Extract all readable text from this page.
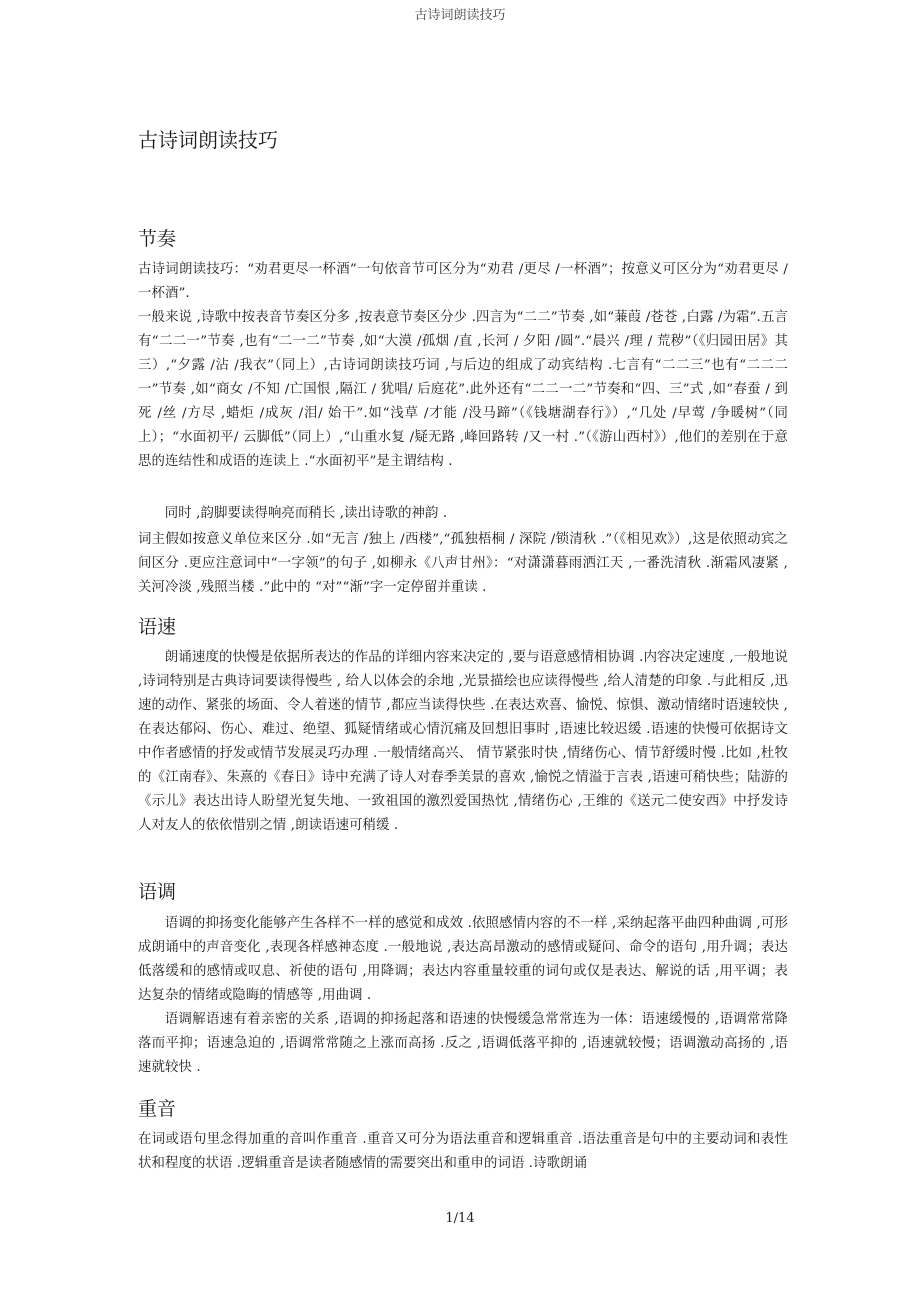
古诗词朗读技巧
古诗词朗读技巧
节奏

古诗词朗读技巧：“劝君更尽一杯酒”一句依音节可区分为“劝君 /更尽 /一杯酒”；按意义可区分为“劝君更尽 /一杯酒”.

一般来说 ,诗歌中按表音节奏区分多 ,按表意节奏区分少 .四言为“二二”节奏 ,如“蒹葭 /苍苍 ,白露 /为霜”.五言有“二二一”节奏 ,也有“二一二”节奏 ,如“大漠 /孤烟 /直 ,长河 / 夕阳 /圆”.“晨兴 /理 / 荒秽”（《归园田居》其三）,“夕露 /沾 /我衣”（同上）,古诗词朗读技巧词 ,与后边的组成了动宾结构 .七言有“二二三”也有“二二二一”节奏 ,如“商女 /不知 /亡国恨 ,隔江 / 犹唱/ 后庭花”.此外还有“二二一二”节奏和“四、三”式 ,如“春蚕 / 到死 /丝 /方尽 ,蜡炬 /成灰 /泪/ 始干”.如“浅草 /才能 /没马蹄”（《钱塘湖春行》）,“几处 /早莺 /争暖树”（同上）；“水面初平/ 云脚低”（同上）,“山重水复 /疑无路 ,峰回路转 /又一村 .”（《游山西村》）,他们的差别在于意思的连结性和成语的连读上 .“水面初平”是主谓结构 .

同时 ,韵脚要读得响亮而稍长 ,读出诗歌的神韵 .

词主假如按意义单位来区分 .如“无言 /独上 /西楼”,“孤独梧桐 / 深院 /锁清秋 .”（《相见欢》）,这是依照动宾之间区分 .更应注意词中“一字领”的句子 ,如柳永《八声甘州》：“对潇潇暮雨洒江天 ,一番洗清秋 .渐霜风凄紧 ,关河冷淡 ,残照当楼 .”此中的 “对”“渐”字一定停留并重读 .

语速

朗诵速度的快慢是依据所表达的作品的详细内容来决定的 ,要与语意感情相协调 .内容决定速度 ,一般地说 ,诗词特别是古典诗词要读得慢些 , 给人以体会的余地 ,光景描绘也应读得慢些 ,给人清楚的印象 .与此相反 ,迅速的动作、紧张的场面、令人着迷的情节 ,都应当读得快些 .在表达欢喜、愉悦、惊惧、激动情绪时语速较快 ,在表达郁闷、伤心、难过、绝望、狐疑情绪或心情沉痛及回想旧事时 ,语速比较迟缓 .语速的快慢可依据诗文中作者感情的抒发或情节发展灵巧办理 .一般情绪高兴、 情节紧张时快 ,情绪伤心、情节舒缓时慢 .比如 ,杜牧的《江南春》、朱熹的《春日》诗中充满了诗人对春季美景的喜欢 ,愉悦之情溢于言表 ,语速可稍快些；陆游的《示儿》表达出诗人盼望光复失地、一致祖国的激烈爱国热忱 ,情绪伤心 ,王维的《送元二使安西》中抒发诗人对友人的依依惜别之情 ,朗读语速可稍缓 .

语调

语调的抑扬变化能够产生各样不一样的感觉和成效 .依照感情内容的不一样 ,采纳起落平曲四种曲调 ,可形成朗诵中的声音变化 ,表现各样感神态度 .一般地说 ,表达高昂激动的感情或疑问、命令的语句 ,用升调；表达低落缓和的感情或叹息、祈使的语句 ,用降调；表达内容重量较重的词句或仅是表达、解说的话 ,用平调；表达复杂的情绪或隐晦的情感等 ,用曲调 .

语调解语速有着亲密的关系 ,语调的抑扬起落和语速的快慢缓急常常连为一体：语速缓慢的 ,语调常常降落而平抑；语速急迫的 ,语调常常随之上涨而高扬 .反之 ,语调低落平抑的 ,语速就较慢；语调激动高扬的 ,语速就较快 .

重音

在词或语句里念得加重的音叫作重音 .重音又可分为语法重音和逻辑重音 .语法重音是句中的主要动词和表性状和程度的状语 .逻辑重音是读者随感情的需要突出和重申的词语 .诗歌朗诵

1/14
